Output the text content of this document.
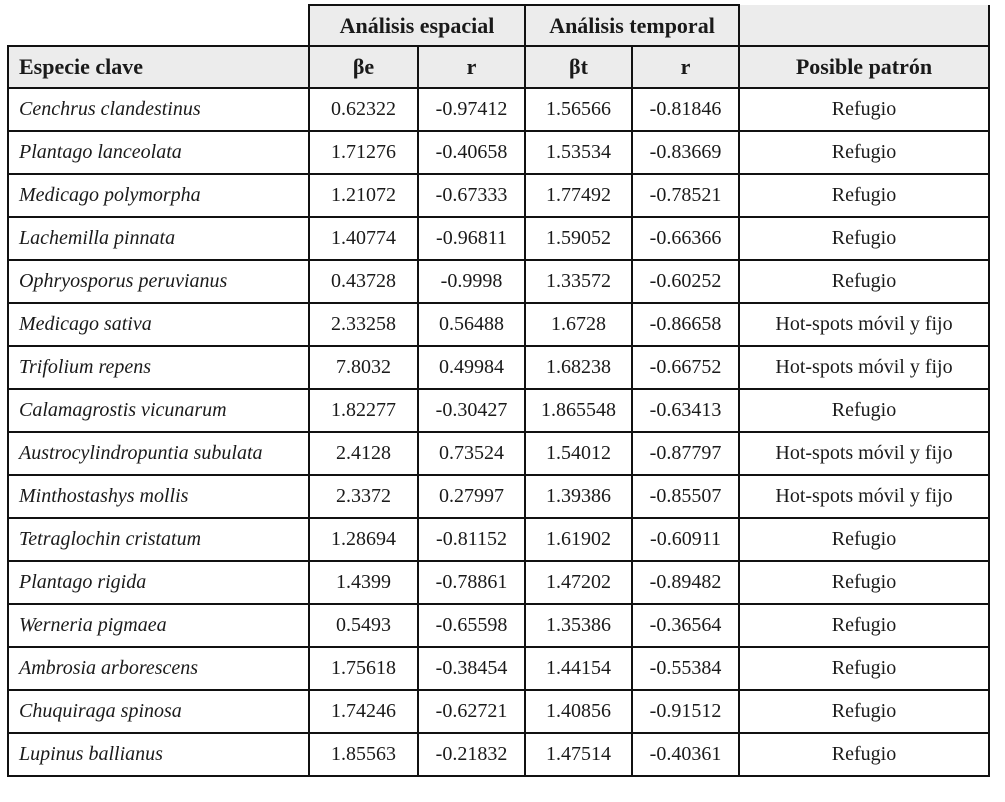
	Análisis espacial		Análisis temporal		
Especie clave	βe	r	βt	r	Posible patrón
Cenchrus clandestinus	0.62322	-0.97412	1.56566	-0.81846	Refugio
Plantago lanceolata	1.71276	-0.40658	1.53534	-0.83669	Refugio
Medicago polymorpha	1.21072	-0.67333	1.77492	-0.78521	Refugio
Lachemilla pinnata	1.40774	-0.96811	1.59052	-0.66366	Refugio
Ophryosporus peruvianus	0.43728	-0.9998	1.33572	-0.60252	Refugio
Medicago sativa	2.33258	0.56488	1.6728	-0.86658	Hot-spots móvil y fijo
Trifolium repens	7.8032	0.49984	1.68238	-0.66752	Hot-spots móvil y fijo
Calamagrostis vicunarum	1.82277	-0.30427	1.865548	-0.63413	Refugio
Austrocylindropuntia subulata	2.4128	0.73524	1.54012	-0.87797	Hot-spots móvil y fijo
Minthostashys mollis	2.3372	0.27997	1.39386	-0.85507	Hot-spots móvil y fijo
Tetraglochin cristatum	1.28694	-0.81152	1.61902	-0.60911	Refugio
Plantago rigida	1.4399	-0.78861	1.47202	-0.89482	Refugio
Werneria pigmaea	0.5493	-0.65598	1.35386	-0.36564	Refugio
Ambrosia arborescens	1.75618	-0.38454	1.44154	-0.55384	Refugio
Chuquiraga spinosa	1.74246	-0.62721	1.40856	-0.91512	Refugio
Lupinus ballianus	1.85563	-0.21832	1.47514	-0.40361	Refugio
